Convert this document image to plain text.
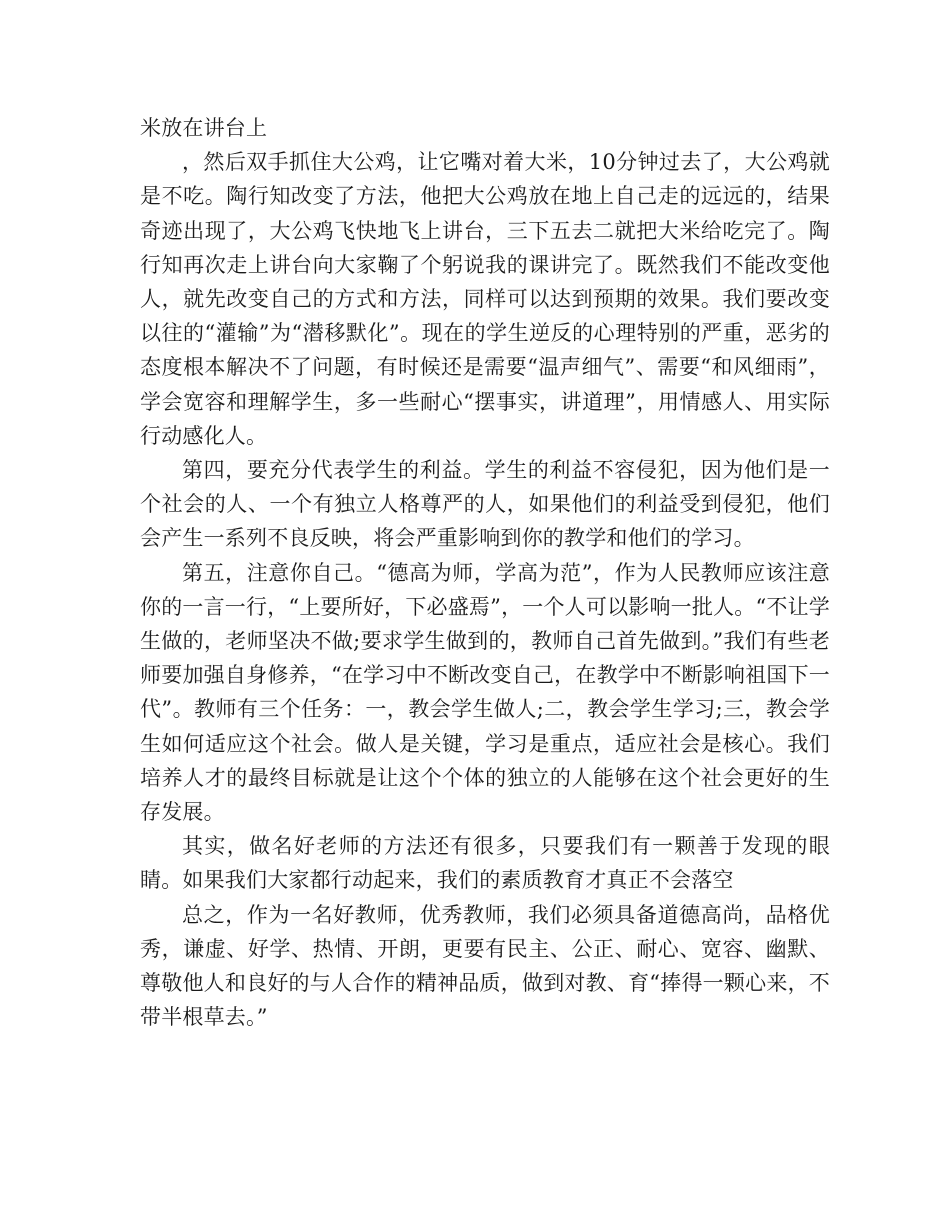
米放在讲台上

，然后双手抓住大公鸡，让它嘴对着大米，10分钟过去了，大公鸡就是不吃。陶行知改变了方法，他把大公鸡放在地上自己走的远远的，结果奇迹出现了，大公鸡飞快地飞上讲台，三下五去二就把大米给吃完了。陶行知再次走上讲台向大家鞠了个躬说我的课讲完了。既然我们不能改变他人，就先改变自己的方式和方法，同样可以达到预期的效果。我们要改变以往的“灌输”为“潜移默化”。现在的学生逆反的心理特别的严重，恶劣的态度根本解决不了问题，有时候还是需要“温声细气”、需要“和风细雨”，学会宽容和理解学生，多一些耐心“摆事实，讲道理”，用情感人、用实际行动感化人。

第四，要充分代表学生的利益。学生的利益不容侵犯，因为他们是一个社会的人、一个有独立人格尊严的人，如果他们的利益受到侵犯，他们会产生一系列不良反映，将会严重影响到你的教学和他们的学习。

第五，注意你自己。“德高为师，学高为范”，作为人民教师应该注意你的一言一行，“上要所好，下必盛焉”，一个人可以影响一批人。“不让学生做的，老师坚决不做;要求学生做到的，教师自己首先做到。”我们有些老师要加强自身修养，“在学习中不断改变自己，在教学中不断影响祖国下一代”。教师有三个任务：一，教会学生做人;二，教会学生学习;三，教会学生如何适应这个社会。做人是关键，学习是重点，适应社会是核心。我们培养人才的最终目标就是让这个个体的独立的人能够在这个社会更好的生存发展。

其实，做名好老师的方法还有很多，只要我们有一颗善于发现的眼睛。如果我们大家都行动起来，我们的素质教育才真正不会落空

总之，作为一名好教师，优秀教师，我们必须具备道德高尚，品格优秀，谦虚、好学、热情、开朗，更要有民主、公正、耐心、宽容、幽默、尊敬他人和良好的与人合作的精神品质，做到对教、育“捧得一颗心来，不带半根草去。”
